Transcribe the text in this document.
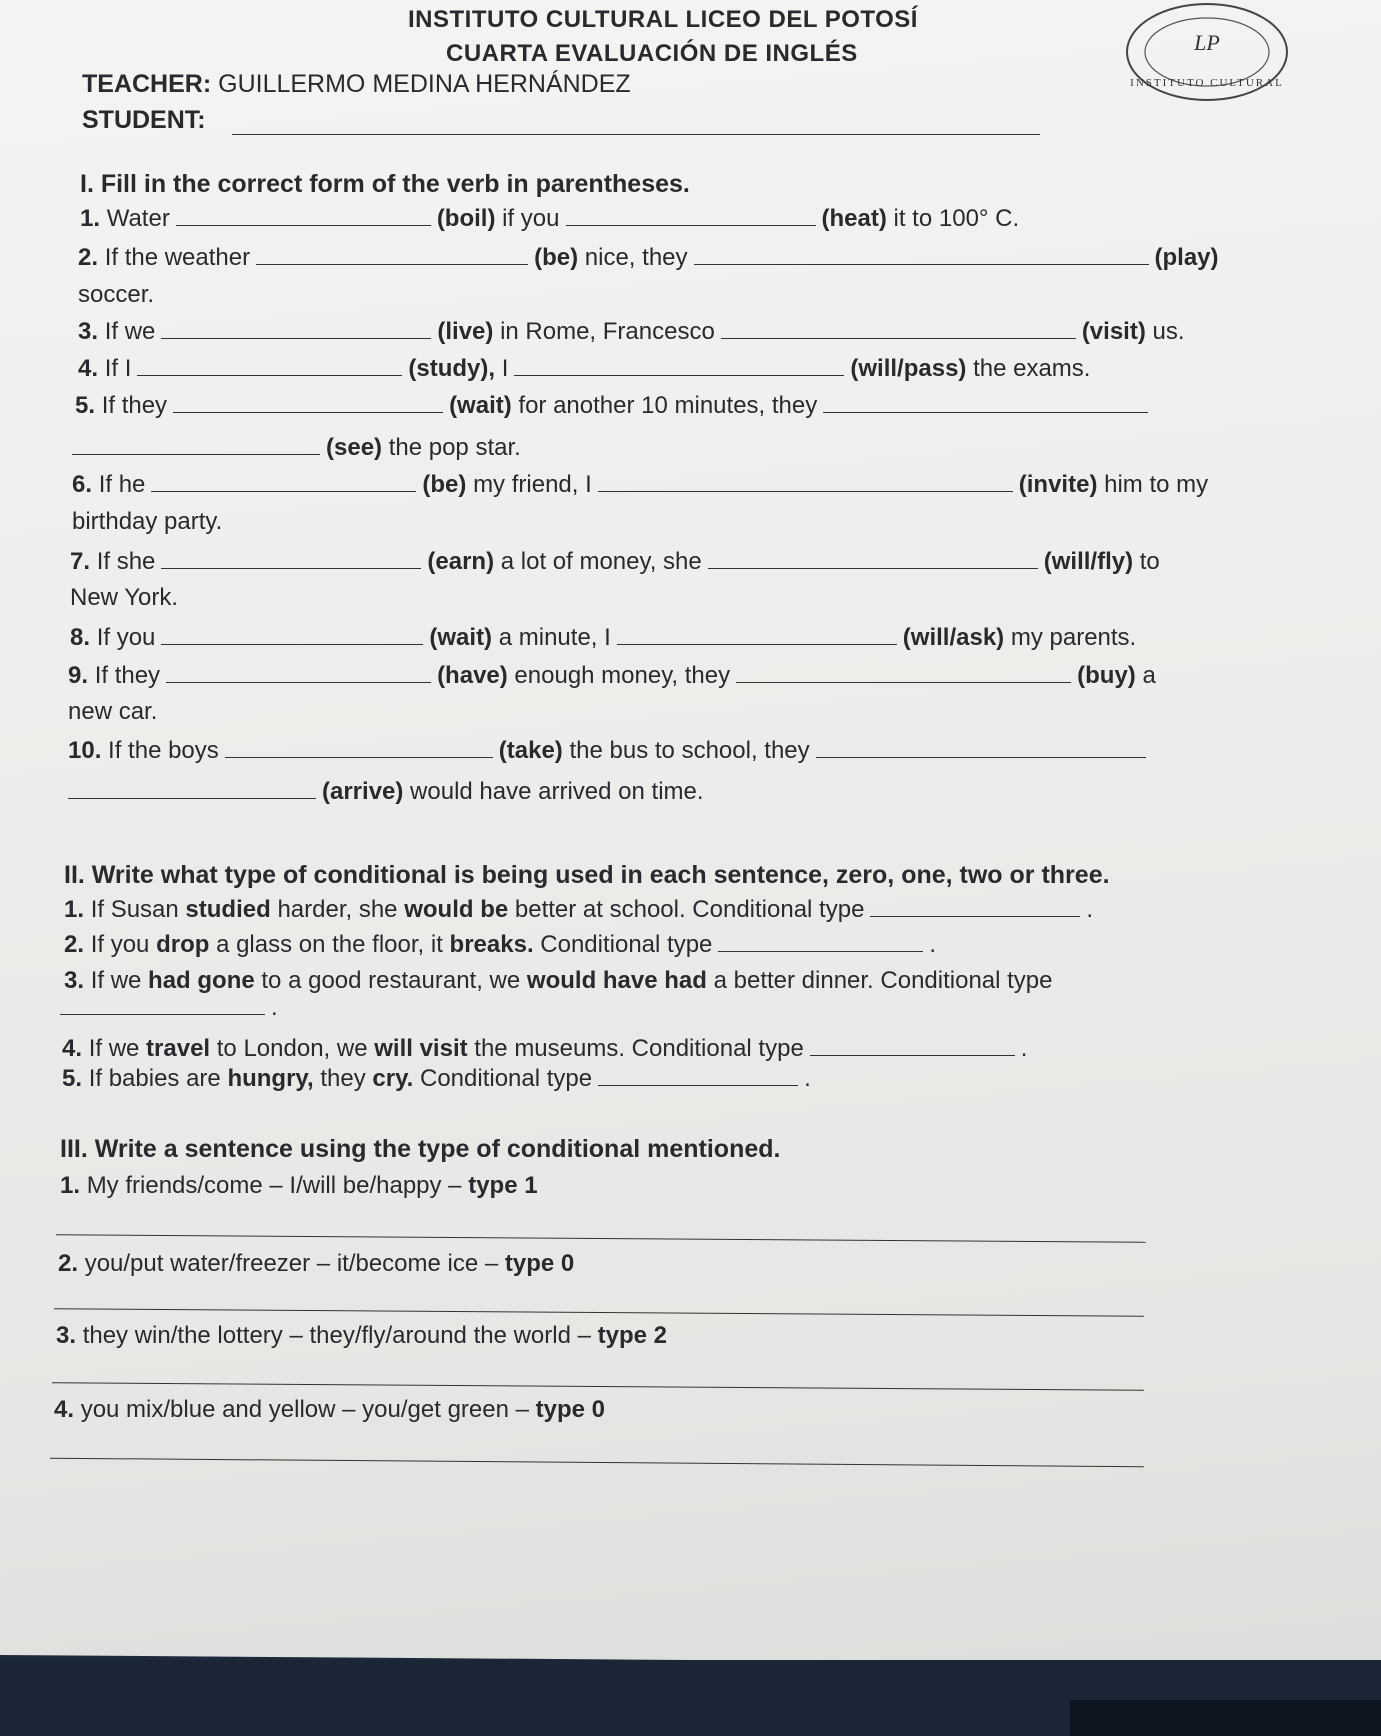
LP
INSTITUTO CULTURAL
INSTITUTO CULTURAL LICEO DEL POTOSÍ
CUARTA EVALUACIÓN DE INGLÉS
TEACHER: GUILLERMO MEDINA HERNÁNDEZ
STUDENT:
I. Fill in the correct form of the verb in parentheses.
1. Water	(boil) if you	(heat) it to 100° C.
2. If the weather	(be) nice, they	(play)
soccer.
3. If we	(live) in Rome, Francesco	(visit) us.
4. If I	(study), I	(will/pass) the exams.
5. If they	(wait) for another 10 minutes, they
(see) the pop star.
6. If he	(be) my friend, I	(invite) him to my
birthday party.
7. If she	(earn) a lot of money, she	(will/fly) to
New York.
8. If you	(wait) a minute, I	(will/ask) my parents.
9. If they	(have) enough money, they	(buy) a
new car.
10. If the boys	(take) the bus to school, they
(arrive) would have arrived on time.
II. Write what type of conditional is being used in each sentence, zero, one, two or three.
1. If Susan studied harder, she would be better at school. Conditional type	.
2. If you drop a glass on the floor, it breaks. Conditional type	.
3. If we had gone to a good restaurant, we would have had a better dinner. Conditional type
.
4. If we travel to London, we will visit the museums. Conditional type	.
5. If babies are hungry, they cry. Conditional type	.
III. Write a sentence using the type of conditional mentioned.
1. My friends/come – I/will be/happy – type 1
2. you/put water/freezer – it/become ice – type 0
3. they win/the lottery – they/fly/around the world – type 2
4. you mix/blue and yellow – you/get green – type 0
